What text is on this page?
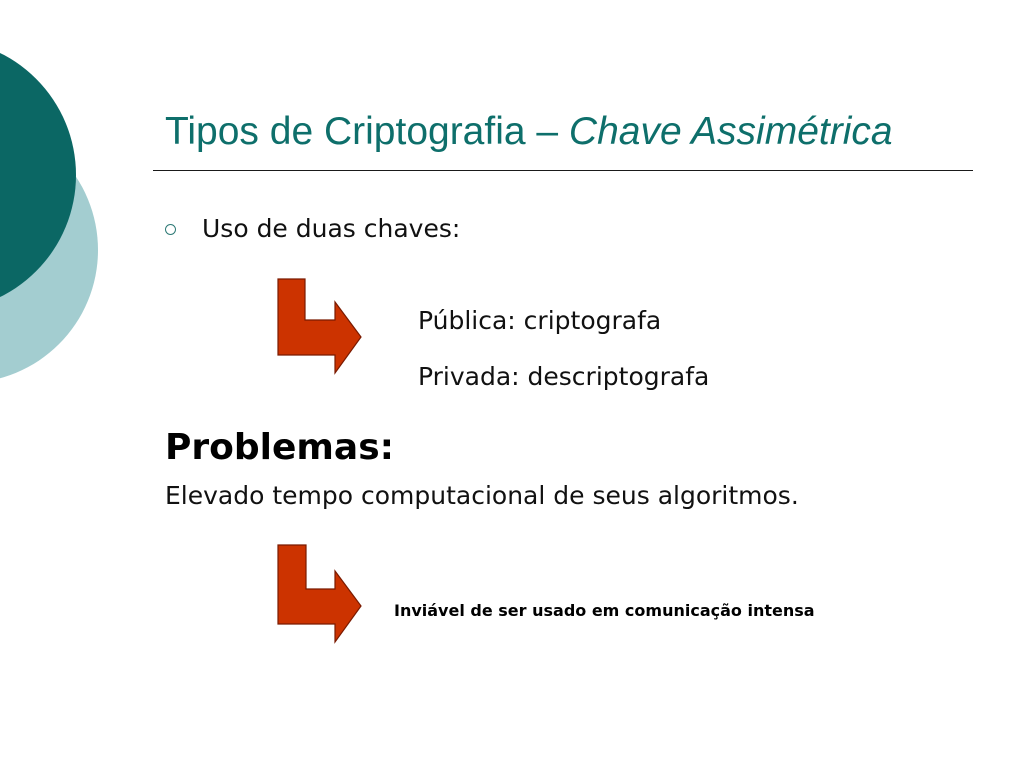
Tipos de Criptografia – Chave Assimétrica
Uso de duas chaves:
Pública: criptografa
Privada: descriptografa
Problemas:
Elevado tempo computacional de seus algoritmos.
Inviável de ser usado em comunicação intensa
